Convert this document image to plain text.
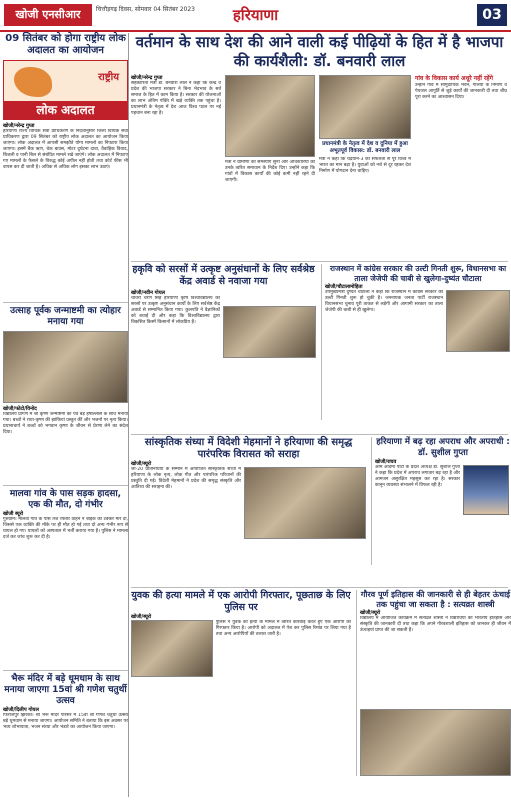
खोजी एनसीआर	चित्तौड़गढ़ दिवस, सोमवार 04 सितंबर 2023	हरियाणा	03
09 सितंबर को होगा राष्ट्रीय लोक अदालत का आयोजन
राष्ट्रीय
लोक अदालत
खोजी/नरेन्द्र गुप्ता
हरियाणा राज्य विधिक सेवा प्राधिकरण के निर्देशानुसार जिला विधिक सेवा प्राधिकरण द्वारा 09 सितंबर को राष्ट्रीय लोक अदालत का आयोजन किया जाएगा। लोक अदालत में आपसी समझौते योग्य मामलों का निपटारा किया जाएगा। इसमें बैंक ऋण, चेक बाउंस, मोटर दुर्घटना दावा, वैवाहिक विवाद, बिजली व पानी बिल से संबंधित मामले रखे जाएंगे। लोक अदालत में निपटाए गए मामलों के फैसले के विरुद्ध कोई अपील नहीं होती तथा कोर्ट फीस भी वापस कर दी जाती है। अधिक से अधिक लोग इसका लाभ उठाएं।
उत्साह पूर्वक जन्माष्टमी का त्योहार मनाया गया
खोजी/फोटो/विनोद
विद्यालय प्रांगण में श्री कृष्ण जन्माष्टमी का पर्व बड़े हर्षोल्लास के साथ मनाया गया। बच्चों ने राधा-कृष्ण की झांकियां प्रस्तुत कीं और भजनों पर नृत्य किया। प्रधानाचार्य ने बच्चों को भगवान कृष्ण के जीवन से प्रेरणा लेने का संदेश दिया।
मालवा गांव के पास सड़क हादसा, एक की मौत, दो गंभीर
खोजी ब्यूरो
गुरुग्राम। मालवा गांव के पास तेज रफ्तार वाहन ने बाइक को टक्कर मार दी, जिससे एक व्यक्ति की मौके पर ही मौत हो गई तथा दो अन्य गंभीर रूप से घायल हो गए। घायलों को अस्पताल में भर्ती कराया गया है। पुलिस ने मामला दर्ज कर जांच शुरू कर दी है।
भैरू मंदिर में बड़े धूमधाम के साथ मनाया जाएगा 15वां श्री गणेश चतुर्थी उत्सव
खोजी/दिलीप गोयल
फिरोजपुर झिरका। श्री भैरू मंदिर परिसर में 15वां श्री गणेश चतुर्थी उत्सव बड़े धूमधाम से मनाया जाएगा। आयोजन समिति ने बताया कि इस अवसर पर भव्य शोभायात्रा, भजन संध्या और भंडारे का आयोजन किया जाएगा।
वर्तमान के साथ देश की आने वाली कई पीढ़ियों के हित में है भाजपा की कार्यशैली: डॉ. बनवारी लाल
खोजी/नरेन्द्र गुप्ता
सहकारिता मंत्री डॉ. बनवारी लाल ने कहा कि केन्द्र व प्रदेश की भाजपा सरकार ने बिना भेदभाव के सर्व समाज के हित में काम किया है। सरकार की योजनाओं का लाभ अंतिम पंक्ति में खड़े व्यक्ति तक पहुंचा है। प्रधानमंत्री के नेतृत्व में देश आज विश्व पटल पर नई पहचान बना रहा है।
मंत्री ने ग्रामीणों की समस्याएं सुनीं और अधिकारियों को उनके त्वरित समाधान के निर्देश दिए। उन्होंने कहा कि गांवों में विकास कार्यों की कोई कमी नहीं रहने दी जाएगी।
प्रधानमंत्री के नेतृत्व में देश व दुनिया में हुआ अभूतपूर्व विकास: डॉ. बनवारी लाल
मंत्री ने कहा कि चंद्रयान-3 की सफलता से पूरे विश्व में भारत का मान बढ़ा है। युवाओं को नशे से दूर रहकर देश निर्माण में योगदान देना चाहिए।
गांव के विकास कार्य अधूरे नहीं रहेंगे
उन्होंने गांव में सामुदायिक भवन, गलियों के निर्माण व पेयजल आपूर्ति से जुड़े कार्यों की जानकारी दी तथा शीघ्र पूरा करने का आश्वासन दिया।
हकृवि को सरसों में उत्कृष्ट अनुसंधानों के लिए सर्वश्रेष्ठ केंद्र अवार्ड से नवाजा गया
खोजी/नवीन गोयल
चौधरी चरण सिंह हरियाणा कृषि विश्वविद्यालय को सरसों पर उत्कृष्ट अनुसंधान कार्यों के लिए सर्वश्रेष्ठ केंद्र अवार्ड से सम्मानित किया गया। कुलपति ने वैज्ञानिकों को बधाई दी और कहा कि विश्वविद्यालय द्वारा विकसित किस्में किसानों में लोकप्रिय हैं।
राजस्थान में कांग्रेस सरकार की उल्टी गिनती शुरू, विधानसभा का ताला जेजेपी की चाबी से खुलेगा-दुष्यंत चौटाला
खोजी/चौटालामोहिता
उपमुख्यमंत्री दुष्यंत चौटाला ने कहा कि राजस्थान में कांग्रेस सरकार की उल्टी गिनती शुरू हो चुकी है। जननायक जनता पार्टी राजस्थान विधानसभा चुनाव पूरी ताकत से लड़ेगी और आगामी सरकार का ताला जेजेपी की चाबी से ही खुलेगा।
सांस्कृतिक संध्या में विदेशी मेहमानों ने हरियाणा की समृद्ध पारंपरिक विरासत को सराहा
खोजी/ब्यूरो
जी-20 प्रतिनिधियों के सम्मान में आयोजित सांस्कृतिक संध्या में हरियाणा के लोक नृत्य, लोक गीत और पारंपरिक परिधानों की प्रस्तुति दी गई। विदेशी मेहमानों ने प्रदेश की समृद्ध संस्कृति और आतिथ्य की सराहना की।
हरियाणा में बढ़ रहा अपराध और अपराधी : डॉ. सुशील गुप्ता
खोजी/राघव
आम आदमी पार्टी के प्रदेश अध्यक्ष डॉ. सुशील गुप्ता ने कहा कि प्रदेश में अपराध लगातार बढ़ रहा है और आमजन असुरक्षित महसूस कर रहा है। सरकार कानून व्यवस्था संभालने में विफल रही है।
युवक की हत्या मामले में एक आरोपी गिरफ्तार, पूछताछ के लिए पुलिस पर
खोजी/ब्यूरो
पुलिस ने युवक की हत्या के मामले में त्वरित कार्रवाई करते हुए एक आरोपी को गिरफ्तार किया है। आरोपी को अदालत में पेश कर पुलिस रिमांड पर लिया गया है तथा अन्य आरोपियों की तलाश जारी है।
गौरव पूर्ण इतिहास की जानकारी से ही बेहतर ऊंचाई तक पहुंचा जा सकता है : सत्यव्रत शास्त्री
खोजी/ब्यूरो
विद्यालय में आयोजित कार्यक्रम में सत्यव्रत शास्त्री ने विद्यार्थियों को भारतीय इतिहास और संस्कृति की जानकारी दी तथा कहा कि अपने गौरवशाली इतिहास को जानकर ही जीवन में ऊंचाइयां प्राप्त की जा सकती हैं।
